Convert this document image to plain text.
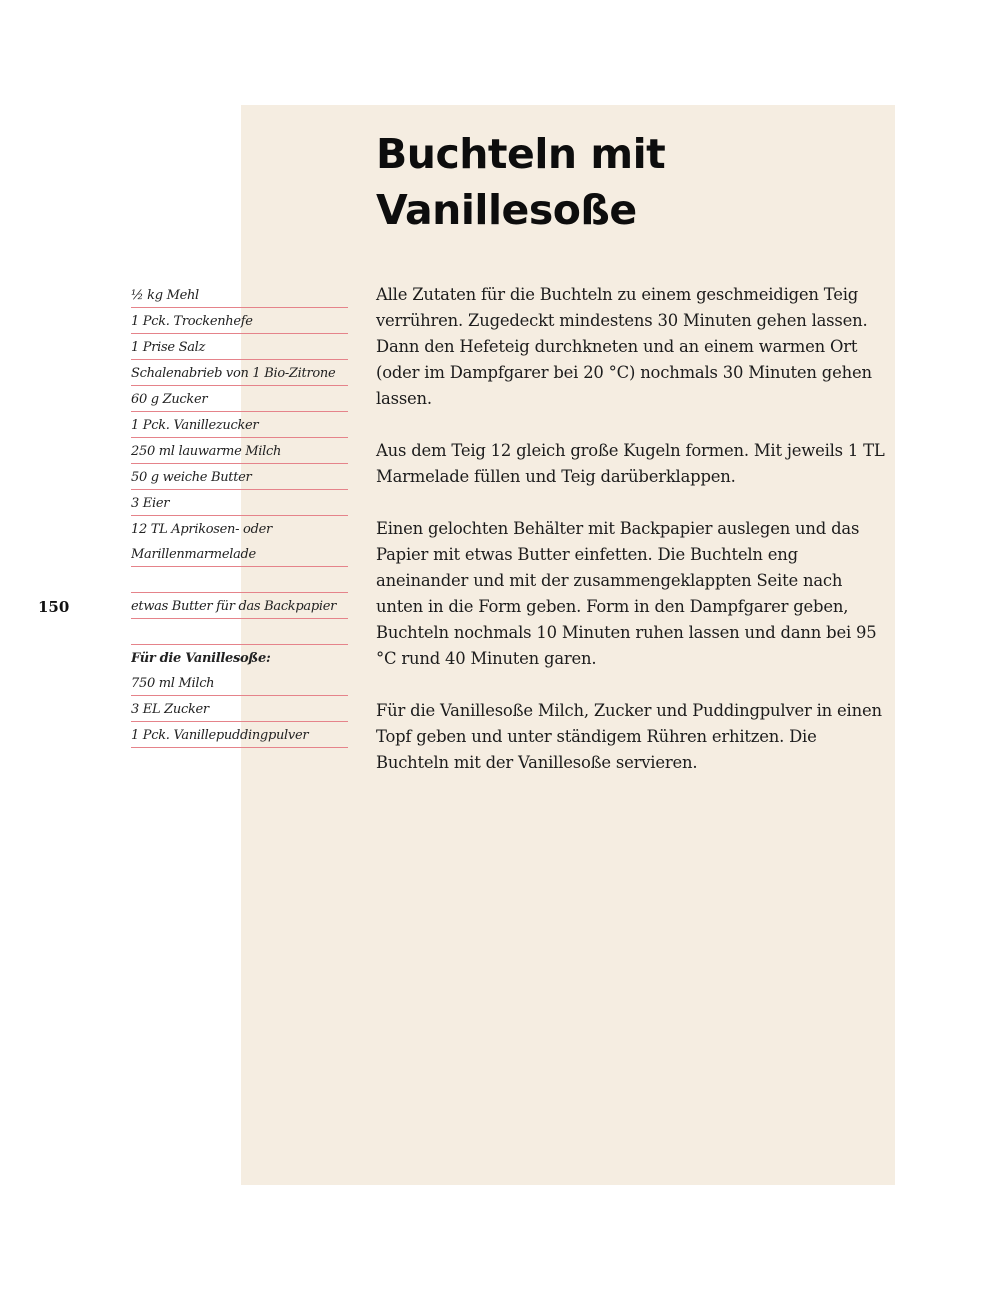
Buchteln mit
Vanillesoße
½ kg Mehl
1 Pck. Trockenhefe
1 Prise Salz
Schalenabrieb von 1 Bio-Zitrone
60 g Zucker
1 Pck. Vanillezucker
250 ml lauwarme Milch
50 g weiche Butter
3 Eier
12 TL Aprikosen- oder
Marillenmarmelade
etwas Butter für das Backpapier
Für die Vanillesoße:
750 ml Milch
3 EL Zucker
1 Pck. Vanillepuddingpulver
150

Alle Zutaten für die Buchteln zu einem geschmeidigen Teig verrühren. Zugedeckt mindestens 30 Minuten gehen lassen. Dann den Hefeteig durchkneten und an einem warmen Ort (oder im Dampfgarer bei 20 °C) nochmals 30 Minuten gehen lassen.

Aus dem Teig 12 gleich große Kugeln formen. Mit jeweils 1 TL Marmelade füllen und Teig darüberklappen.

Einen gelochten Behälter mit Backpapier auslegen und das Papier mit etwas Butter einfetten. Die Buchteln eng aneinander und mit der zusammengeklappten Seite nach unten in die Form geben. Form in den Dampfgarer geben, Buchteln nochmals 10 Minuten ruhen lassen und dann bei 95 °C rund 40 Minuten garen.

Für die Vanillesoße Milch, Zucker und Puddingpulver in einen Topf geben und unter ständigem Rühren erhitzen. Die Buchteln mit der Vanillesoße servieren.
